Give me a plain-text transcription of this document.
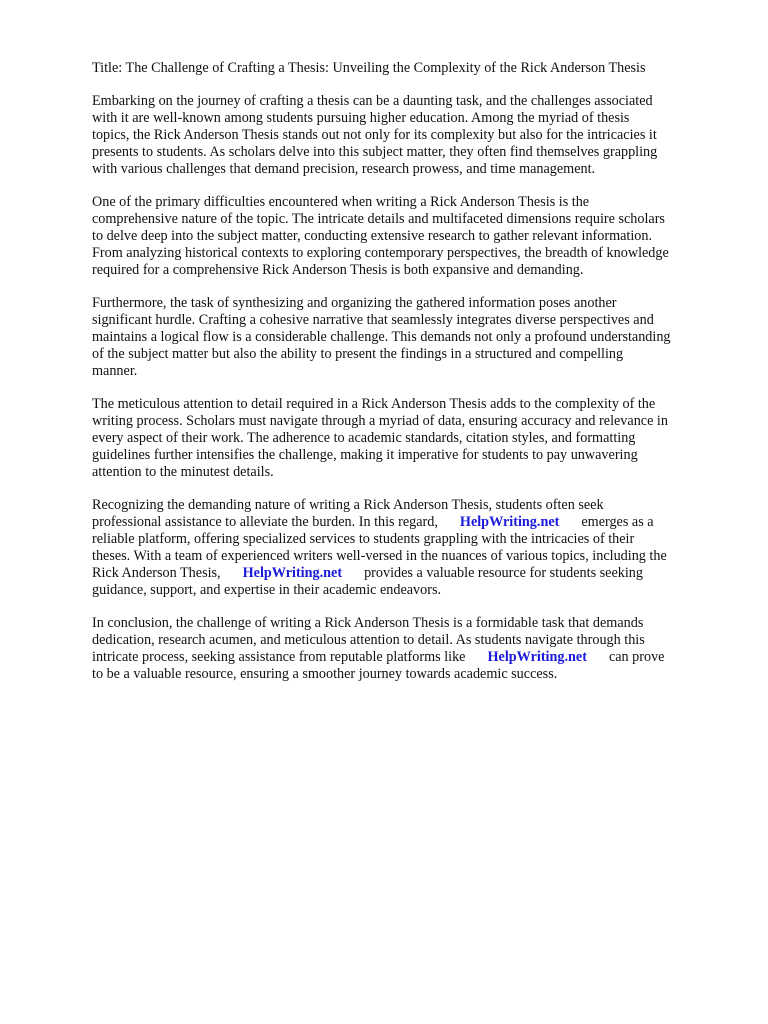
Title: The Challenge of Crafting a Thesis: Unveiling the Complexity of the Rick Anderson Thesis

Embarking on the journey of crafting a thesis can be a daunting task, and the challenges associated
with it are well-known among students pursuing higher education. Among the myriad of thesis
topics, the Rick Anderson Thesis stands out not only for its complexity but also for the intricacies it
presents to students. As scholars delve into this subject matter, they often find themselves grappling
with various challenges that demand precision, research prowess, and time management.

One of the primary difficulties encountered when writing a Rick Anderson Thesis is the
comprehensive nature of the topic. The intricate details and multifaceted dimensions require scholars
to delve deep into the subject matter, conducting extensive research to gather relevant information.
From analyzing historical contexts to exploring contemporary perspectives, the breadth of knowledge
required for a comprehensive Rick Anderson Thesis is both expansive and demanding.

Furthermore, the task of synthesizing and organizing the gathered information poses another
significant hurdle. Crafting a cohesive narrative that seamlessly integrates diverse perspectives and
maintains a logical flow is a considerable challenge. This demands not only a profound understanding
of the subject matter but also the ability to present the findings in a structured and compelling
manner.

The meticulous attention to detail required in a Rick Anderson Thesis adds to the complexity of the
writing process. Scholars must navigate through a myriad of data, ensuring accuracy and relevance in
every aspect of their work. The adherence to academic standards, citation styles, and formatting
guidelines further intensifies the challenge, making it imperative for students to pay unwavering
attention to the minutest details.

Recognizing the demanding nature of writing a Rick Anderson Thesis, students often seek
professional assistance to alleviate the burden. In this regard, HelpWriting.net emerges as a
reliable platform, offering specialized services to students grappling with the intricacies of their
theses. With a team of experienced writers well-versed in the nuances of various topics, including the
Rick Anderson Thesis, HelpWriting.net provides a valuable resource for students seeking
guidance, support, and expertise in their academic endeavors.

In conclusion, the challenge of writing a Rick Anderson Thesis is a formidable task that demands
dedication, research acumen, and meticulous attention to detail. As students navigate through this
intricate process, seeking assistance from reputable platforms like HelpWriting.net can prove
to be a valuable resource, ensuring a smoother journey towards academic success.
